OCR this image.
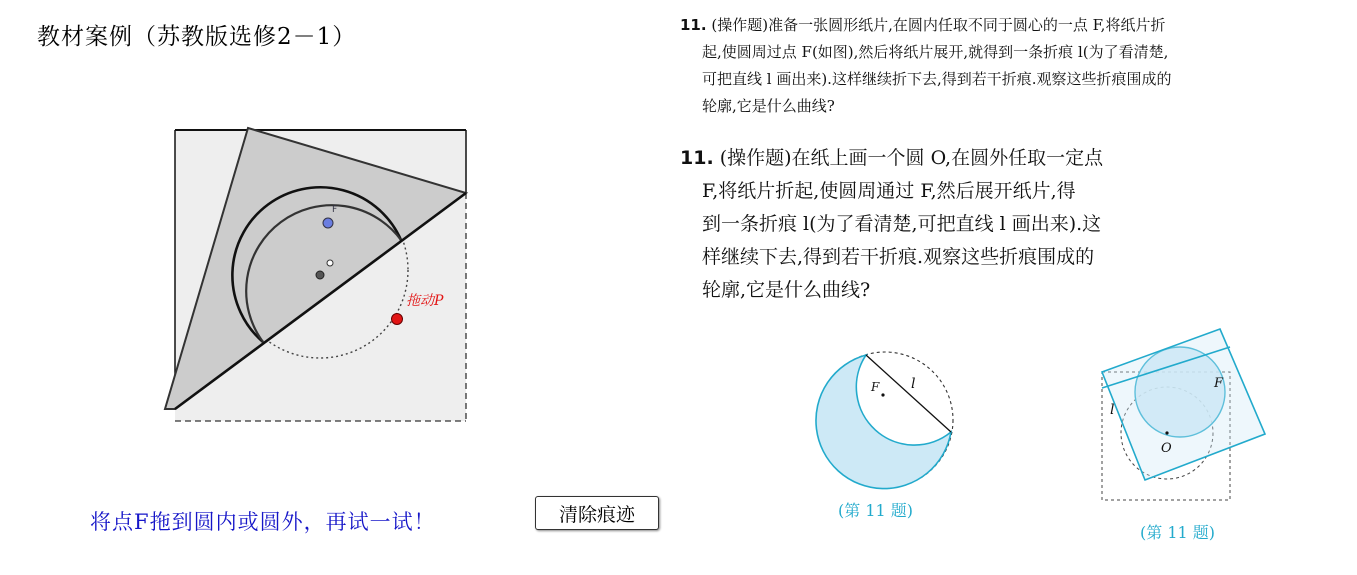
教材案例（苏教版选修2－1）
F
拖动P
将点F拖到圆内或圆外，再试一试！	清除痕迹
11. (操作题)准备一张圆形纸片,在圆内任取不同于圆心的一点 F,将纸片折
起,使圆周过点 F(如图),然后将纸片展开,就得到一条折痕 l(为了看清楚,
可把直线 l 画出来).这样继续折下去,得到若干折痕.观察这些折痕围成的
轮廓,它是什么曲线?
11. (操作题)在纸上画一个圆 O,在圆外任取一定点
F,将纸片折起,使圆周通过 F,然后展开纸片,得
到一条折痕 l(为了看清楚,可把直线 l 画出来).这
样继续下去,得到若干折痕.观察这些折痕围成的
轮廓,它是什么曲线?
F l
(第 11 题)
O
F
l
(第 11 题)
